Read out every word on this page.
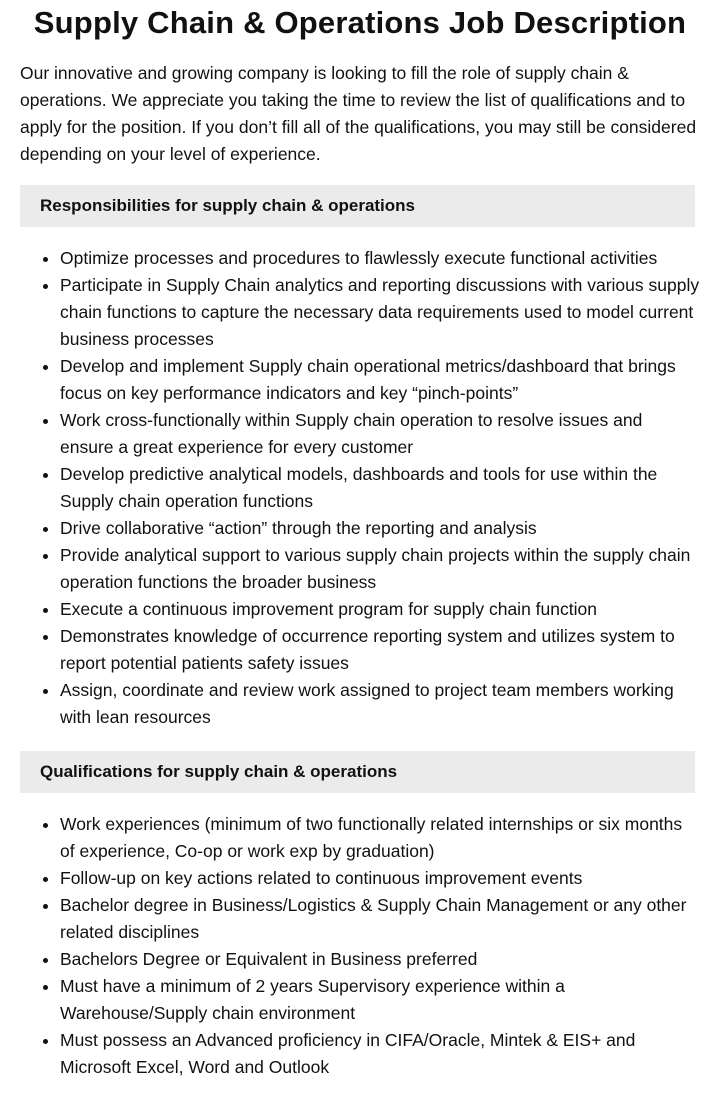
Supply Chain & Operations Job Description

Our innovative and growing company is looking to fill the role of supply chain & operations. We appreciate you taking the time to review the list of qualifications and to apply for the position. If you don’t fill all of the qualifications, you may still be considered depending on your level of experience.

Responsibilities for supply chain & operations
• Optimize processes and procedures to flawlessly execute functional activities
• Participate in Supply Chain analytics and reporting discussions with various supply chain functions to capture the necessary data requirements used to model current business processes
• Develop and implement Supply chain operational metrics/dashboard that brings focus on key performance indicators and key “pinch-points”
• Work cross-functionally within Supply chain operation to resolve issues and ensure a great experience for every customer
• Develop predictive analytical models, dashboards and tools for use within the Supply chain operation functions
• Drive collaborative “action” through the reporting and analysis
• Provide analytical support to various supply chain projects within the supply chain operation functions the broader business
• Execute a continuous improvement program for supply chain function
• Demonstrates knowledge of occurrence reporting system and utilizes system to report potential patients safety issues
• Assign, coordinate and review work assigned to project team members working with lean resources
Qualifications for supply chain & operations
• Work experiences (minimum of two functionally related internships or six months of experience, Co-op or work exp by graduation)
• Follow-up on key actions related to continuous improvement events
• Bachelor degree in Business/Logistics & Supply Chain Management or any other related disciplines
• Bachelors Degree or Equivalent in Business preferred
• Must have a minimum of 2 years Supervisory experience within a Warehouse/Supply chain environment
• Must possess an Advanced proficiency in CIFA/Oracle, Mintek & EIS+ and Microsoft Excel, Word and Outlook
